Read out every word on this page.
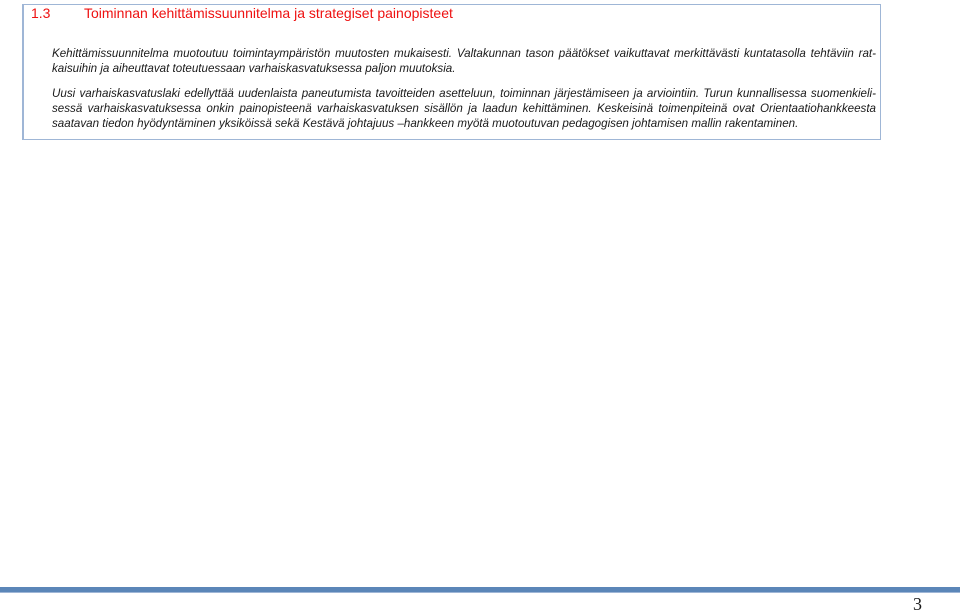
1.3 Toiminnan kehittämissuunnitelma ja strategiset painopisteet

Kehittämissuunnitelma muotoutuu toimintaympäristön muutosten mukaisesti. Valtakunnan tason päätökset vaikuttavat merkittävästi kuntatasolla tehtäviin rat-
kaisuihin ja aiheuttavat toteutuessaan varhaiskasvatuksessa paljon muutoksia.

Uusi varhaiskasvatuslaki edellyttää uudenlaista paneutumista tavoitteiden asetteluun, toiminnan järjestämiseen ja arviointiin. Turun kunnallisessa suomenkieli-
sessä varhaiskasvatuksessa onkin painopisteenä varhaiskasvatuksen sisällön ja laadun kehittäminen. Keskeisinä toimenpiteinä ovat Orientaatiohankkeesta
saatavan tiedon hyödyntäminen yksiköissä sekä Kestävä johtajuus –hankkeen myötä muotoutuvan pedagogisen johtamisen mallin rakentaminen.

3
